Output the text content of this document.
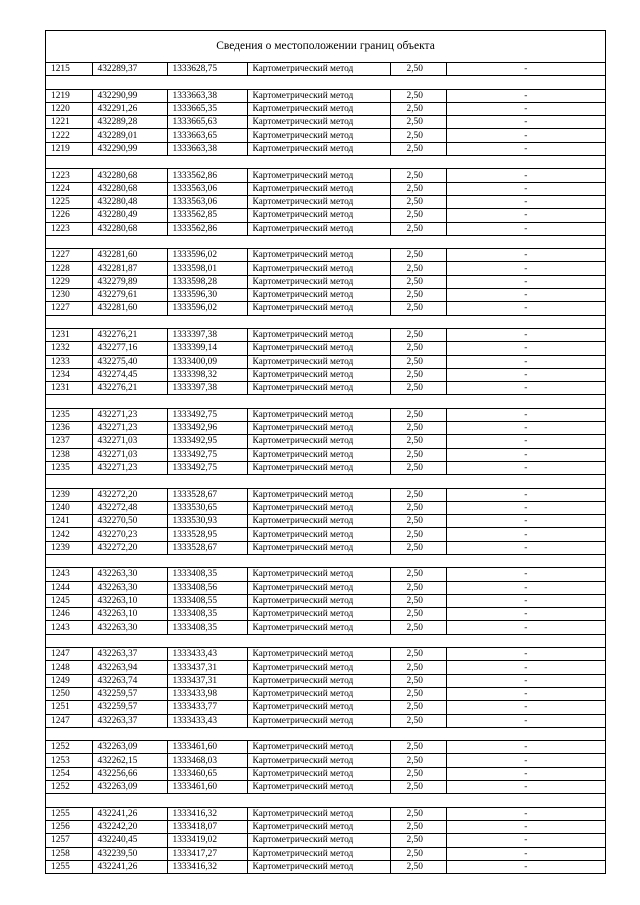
Сведения о местоположении границ объекта
1215	432289,37	1333628,75	Картометрический метод	2,50	-

1219	432290,99	1333663,38	Картометрический метод	2,50	-
1220	432291,26	1333665,35	Картометрический метод	2,50	-
1221	432289,28	1333665,63	Картометрический метод	2,50	-
1222	432289,01	1333663,65	Картометрический метод	2,50	-
1219	432290,99	1333663,38	Картометрический метод	2,50	-

1223	432280,68	1333562,86	Картометрический метод	2,50	-
1224	432280,68	1333563,06	Картометрический метод	2,50	-
1225	432280,48	1333563,06	Картометрический метод	2,50	-
1226	432280,49	1333562,85	Картометрический метод	2,50	-
1223	432280,68	1333562,86	Картометрический метод	2,50	-

1227	432281,60	1333596,02	Картометрический метод	2,50	-
1228	432281,87	1333598,01	Картометрический метод	2,50	-
1229	432279,89	1333598,28	Картометрический метод	2,50	-
1230	432279,61	1333596,30	Картометрический метод	2,50	-
1227	432281,60	1333596,02	Картометрический метод	2,50	-

1231	432276,21	1333397,38	Картометрический метод	2,50	-
1232	432277,16	1333399,14	Картометрический метод	2,50	-
1233	432275,40	1333400,09	Картометрический метод	2,50	-
1234	432274,45	1333398,32	Картометрический метод	2,50	-
1231	432276,21	1333397,38	Картометрический метод	2,50	-

1235	432271,23	1333492,75	Картометрический метод	2,50	-
1236	432271,23	1333492,96	Картометрический метод	2,50	-
1237	432271,03	1333492,95	Картометрический метод	2,50	-
1238	432271,03	1333492,75	Картометрический метод	2,50	-
1235	432271,23	1333492,75	Картометрический метод	2,50	-

1239	432272,20	1333528,67	Картометрический метод	2,50	-
1240	432272,48	1333530,65	Картометрический метод	2,50	-
1241	432270,50	1333530,93	Картометрический метод	2,50	-
1242	432270,23	1333528,95	Картометрический метод	2,50	-
1239	432272,20	1333528,67	Картометрический метод	2,50	-

1243	432263,30	1333408,35	Картометрический метод	2,50	-
1244	432263,30	1333408,56	Картометрический метод	2,50	-
1245	432263,10	1333408,55	Картометрический метод	2,50	-
1246	432263,10	1333408,35	Картометрический метод	2,50	-
1243	432263,30	1333408,35	Картометрический метод	2,50	-

1247	432263,37	1333433,43	Картометрический метод	2,50	-
1248	432263,94	1333437,31	Картометрический метод	2,50	-
1249	432263,74	1333437,31	Картометрический метод	2,50	-
1250	432259,57	1333433,98	Картометрический метод	2,50	-
1251	432259,57	1333433,77	Картометрический метод	2,50	-
1247	432263,37	1333433,43	Картометрический метод	2,50	-

1252	432263,09	1333461,60	Картометрический метод	2,50	-
1253	432262,15	1333468,03	Картометрический метод	2,50	-
1254	432256,66	1333460,65	Картометрический метод	2,50	-
1252	432263,09	1333461,60	Картометрический метод	2,50	-

1255	432241,26	1333416,32	Картометрический метод	2,50	-
1256	432242,20	1333418,07	Картометрический метод	2,50	-
1257	432240,45	1333419,02	Картометрический метод	2,50	-
1258	432239,50	1333417,27	Картометрический метод	2,50	-
1255	432241,26	1333416,32	Картометрический метод	2,50	-
